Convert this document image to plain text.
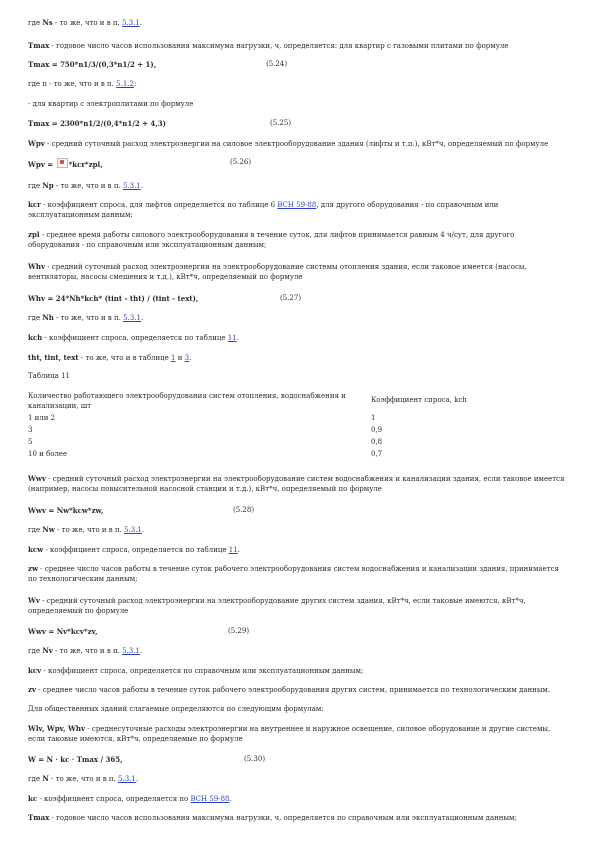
где Ns - то же, что и в п. 5.3.1.
Tmax - годовое число часов использования максимума нагрузки, ч, определяется: для квартир с газовыми плитами по формуле
Tmax = 750*n1/3/(0,3*n1/2 + 1),	(5.24)
где n - то же, что и в п. 5.1.2;
- для квартир с электроплитами по формуле
Tmax = 2300*n1/2/(0,4*n1/2 + 4,3)	(5.25)
Wpv - средний суточный расход электроэнергии на силовое электрооборудование здания (лифты и т.п.), кВт*ч, определяемый по формуле
Wpv = *kcr*zpl,	(5.26)
где Np - то же, что и в п. 5.3.1.
kcr - коэффициент спроса, для лифтов определяется по таблице 6 ВСН 59-88, для другого оборудования - по справочным или эксплуатационным данным;
zpl - среднее время работы силового электрооборудования в течение суток, для лифтов принимается равным 4 ч/сут, для другого оборудования - по справочным или эксплуатационным данным;
Whv - средний суточный расход электроэнергии на электрооборудование системы отопления здания, если таковое имеется (насосы, вентиляторы, насосы смешения и т.д.), кВт*ч, определяемый по формуле
Whv = 24*Nh*kch* (tint - tht) / (tint - text),	(5.27)
где Nh - то же, что и в п. 5.3.1.
kch - коэффициент спроса, определяется по таблице 11.
tht, tint, text - то же, что и в таблице 1 и 3.
Таблица 11
Количество работающего электрооборудования систем отопления, водоснабжения и канализации, шт	Коэффициент спроса, kch
1 или 2	1
3	0,9
5	0,8
10 и более	0,7
Wwv - средний суточный расход электроэнергии на электрооборудование систем водоснабжения и канализации здания, если таковое имеется (например, насосы повысительной насосной станции и т.д.), кВт*ч, определяемый по формуле
Wwv = Nw*kcw*zw,	(5.28)
где Nw - то же, что и в п. 5.3.1.
kcw - коэффициент спроса, определяется по таблице 11.
zw - среднее число часов работы в течение суток рабочего электрооборудования систем водоснабжения и канализации здания, принимается по технологическим данным;
Wv - средний суточный расход электроэнергии на электрооборудование других систем здания, кВт*ч, если таковые имеются, кВт*ч, определяемый по формуле
Wwv = Nv*kcv*zv,	(5.29)
где Nv - то же, что и в п. 5.3.1.
kcv - коэффициент спроса, определяется по справочным или эксплуатационным данным;
zv - среднее число часов работы в течение суток рабочего электрооборудования других систем, принимается по технологическим данным.
Для общественных зданий слагаемые определяются по следующим формулам:
Wlv, Wpv, Whv - среднесуточные расходы электроэнергии на внутреннее и наружное освещение, силовое оборудование и другие системы, если таковые имеются, кВт*ч, определяемые по формуле
W = N · kc · Tmax / 365,	(5.30)
где N - то же, что и в п. 5.3.1.
kc - коэффициент спроса, определяется по ВСН 59-88.
Tmax - годовое число часов использования максимума нагрузки, ч, определяется по справочным или эксплуатационным данным;
